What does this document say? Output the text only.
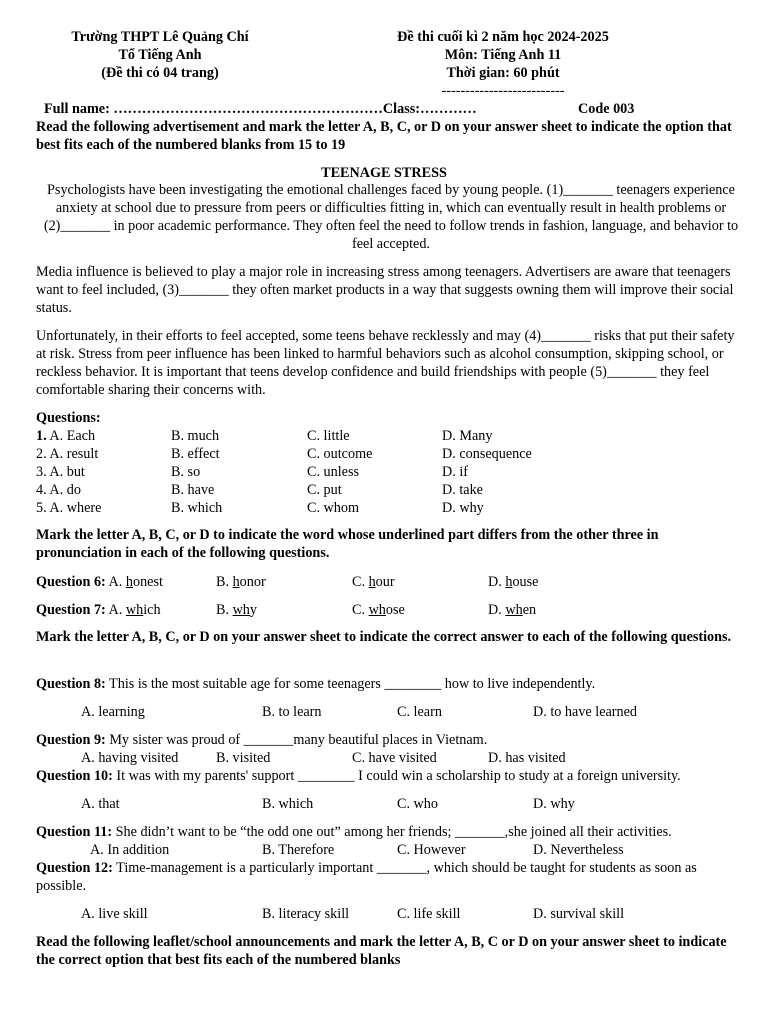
Trường THPT Lê Quảng Chí
Tổ Tiếng Anh
(Đề thi có 04 trang)
Đề thi cuối kì 2 năm học 2024-2025
Môn: Tiếng Anh 11
Thời gian: 60 phút
--------------------------
Full name: …………………………………………………Class:…………	Code 003
Read the following advertisement and mark the letter A, B, C, or D on your answer sheet to indicate the option that best fits each of the numbered blanks from 15 to 19
TEENAGE STRESS
Psychologists have been investigating the emotional challenges faced by young people. (1)_______ teenagers experience anxiety at school due to pressure from peers or difficulties fitting in, which can eventually result in health problems or (2)_______ in poor academic performance. They often feel the need to follow trends in fashion, language, and behavior to feel accepted.
Media influence is believed to play a major role in increasing stress among teenagers. Advertisers are aware that teenagers want to feel included, (3)_______ they often market products in a way that suggests owning them will improve their social status.
Unfortunately, in their efforts to feel accepted, some teens behave recklessly and may (4)_______ risks that put their safety at risk. Stress from peer influence has been linked to harmful behaviors such as alcohol consumption, skipping school, or reckless behavior. It is important that teens develop confidence and build friendships with people (5)_______ they feel comfortable sharing their concerns with.
Questions:
1. A. Each	B. much	C. little	D. Many
2. A. result	B. effect	C. outcome	D. consequence
3. A. but	B. so	C. unless	D. if
4. A. do	B. have	C. put	D. take
5. A. where	B. which	C. whom	D. why
Mark the letter A, B, C, or D to indicate the word whose underlined part differs from the other three in pronunciation in each of the following questions.
Question 6: A. honest	B. honor	C. hour	D. house
Question 7: A. which	B. why	C. whose	D. when
Mark the letter A, B, C, or D on your answer sheet to indicate the correct answer to each of the following questions.
Question 8: This is the most suitable age for some teenagers ________ how to live independently.
A. learning	B. to learn	C. learn	D. to have learned
Question 9: My sister was proud of _______many beautiful places in Vietnam.
A. having visited	B. visited	C. have visited	D. has visited
Question 10: It was with my parents' support ________ I could win a scholarship to study at a foreign university.
A. that	B. which	C. who	D. why
Question 11: She didn’t want to be “the odd one out” among her friends; _______,she joined all their activities.
A. In addition	B. Therefore	C. However	D. Nevertheless
Question 12: Time-management is a particularly important _______, which should be taught for students as soon as possible.
A. live skill	B. literacy skill	C. life skill	D. survival skill
Read the following leaflet/school announcements and mark the letter A, B, C or D on your answer sheet to indicate the correct option that best fits each of the numbered blanks
